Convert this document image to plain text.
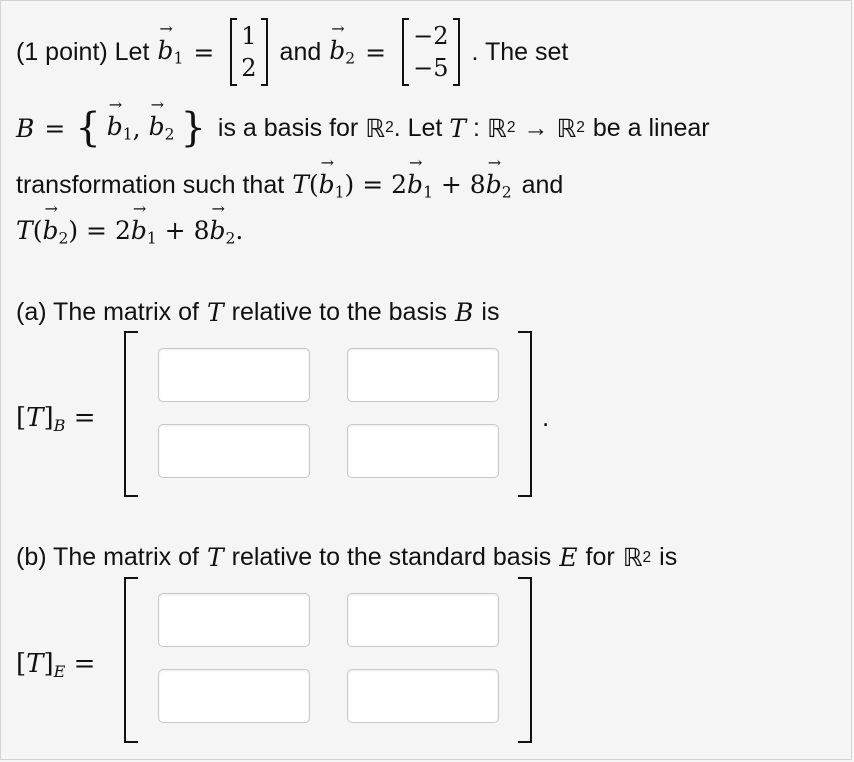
(1 point) Let → $b_1$ =
1
2
and → $b_2$ =
−2
−5
. The set
B = { → $b_1$ , → $b_2$ } is a basis for ℝ 2 . Let T : ℝ 2 → ℝ 2 be a linear
transformation such that $T(\to b_1) = 2\to b_1 + 8\to b_2$ and
$T(\to b_2) = 2\to b_1 + 8\to b_2$.
(a) The matrix of T relative to the basis B is
$[T]_B$ =	.
(b) The matrix of T relative to the standard basis E for ℝ 2 is
$[T]_E$ =
